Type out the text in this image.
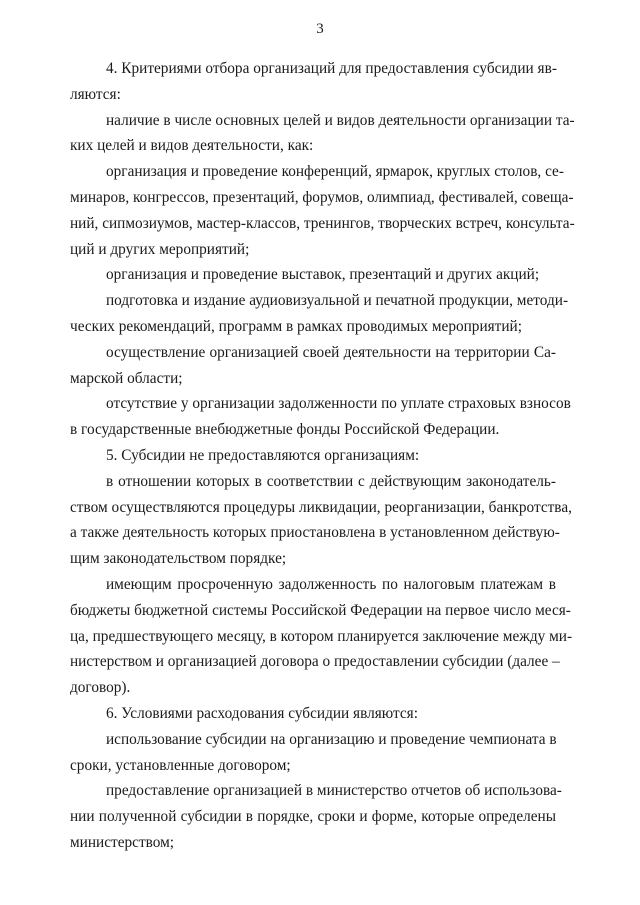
3

4. Критериями отбора организаций для предоставления субсидии яв-
ляются:

наличие в числе основных целей и видов деятельности организации та-
ких целей и видов деятельности, как:

организация и проведение конференций, ярмарок, круглых столов, се-
минаров, конгрессов, презентаций, форумов, олимпиад, фестивалей, совеща-
ний, сипмозиумов, мастер-классов, тренингов, творческих встреч, консульта-
ций и других мероприятий;

организация и проведение выставок, презентаций и других акций;

подготовка и издание аудиовизуальной и печатной продукции, методи-
ческих рекомендаций, программ в рамках проводимых мероприятий;

осуществление организацией своей деятельности на территории Са-
марской области;

отсутствие у организации задолженности по уплате страховых взносов
в государственные внебюджетные фонды Российской Федерации.

5. Субсидии не предоставляются организациям:

в отношении которых в соответствии с действующим законодатель-
ством осуществляются процедуры ликвидации, реорганизации, банкротства,
а также деятельность которых приостановлена в установленном действую-
щим законодательством порядке;

имеющим просроченную задолженность по налоговым платежам в
бюджеты бюджетной системы Российской Федерации на первое число меся-
ца, предшествующего месяцу, в котором планируется заключение между ми-
нистерством и организацией договора о предоставлении субсидии (далее –
договор).

6. Условиями расходования субсидии являются:

использование субсидии на организацию и проведение чемпионата в
сроки, установленные договором;

предоставление организацией в министерство отчетов об использова-
нии полученной субсидии в порядке, сроки и форме, которые определены
министерством;
